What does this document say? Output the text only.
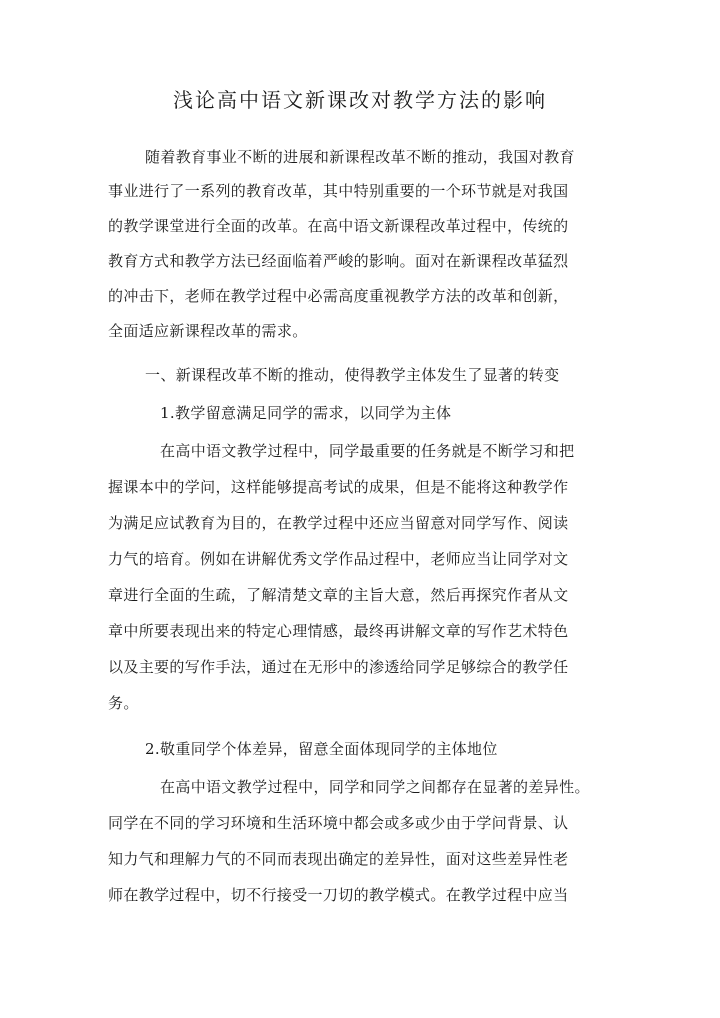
浅论高中语文新课改对教学方法的影响
随着教育事业不断的进展和新课程改革不断的推动，我国对教育
事业进行了一系列的教育改革，其中特别重要的一个环节就是对我国
的教学课堂进行全面的改革。在高中语文新课程改革过程中，传统的
教育方式和教学方法已经面临着严峻的影响。面对在新课程改革猛烈
的冲击下，老师在教学过程中必需高度重视教学方法的改革和创新，
全面适应新课程改革的需求。
一、新课程改革不断的推动，使得教学主体发生了显著的转变
1.教学留意满足同学的需求，以同学为主体
在高中语文教学过程中，同学最重要的任务就是不断学习和把
握课本中的学问，这样能够提高考试的成果，但是不能将这种教学作
为满足应试教育为目的，在教学过程中还应当留意对同学写作、阅读
力气的培育。例如在讲解优秀文学作品过程中，老师应当让同学对文
章进行全面的生疏，了解清楚文章的主旨大意，然后再探究作者从文
章中所要表现出来的特定心理情感，最终再讲解文章的写作艺术特色
以及主要的写作手法，通过在无形中的渗透给同学足够综合的教学任
务。
2.敬重同学个体差异，留意全面体现同学的主体地位
在高中语文教学过程中，同学和同学之间都存在显著的差异性。
同学在不同的学习环境和生活环境中都会或多或少由于学问背景、认
知力气和理解力气的不同而表现出确定的差异性，面对这些差异性老
师在教学过程中，切不行接受一刀切的教学模式。在教学过程中应当
